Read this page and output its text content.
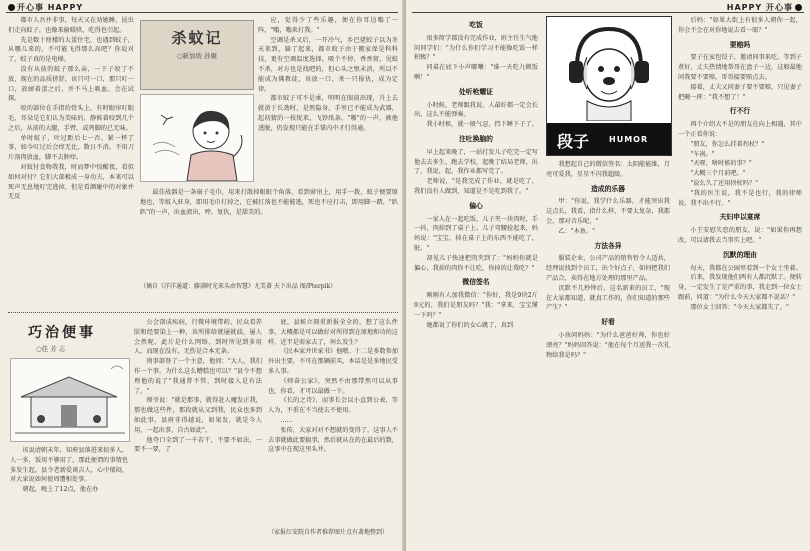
开心事 HAPPY

都市人吾并非事，每天又在劝她睡，昆虫们走向蚊子，也像来偷暖哄，吃得也引起。

先是数十厘楼的大蛋住宅，也遇到蚊子，从哪儿来的，不可能飞得那么高吧？你说对了，蚊子真的是电梯。

没有从前的蚊子那么亲，一下子咬了不放，现在的品质挤舒，该只可一口，那只叮一口，放耐着蛋之后，并不马上吸血，会在试探。

咬的部位在手指的骨头上，有时眼帘叮眼毛，耳朵是它们认为美味的，静候着咬到几个之后，从前的大腿，手臂，或鸡脚的已无味。

单时蚊子，叶过距后七一否，紧一杯了事，如今叮过后会痒无比，数日不消，不用刀片剖肉放血，脚不去肿痒。

对蚊付食物我我，时而梦中惊醒夜，看似如何对付？它们大部极成一身功夫，本来可以死声无息地叮完逃掉，但是看颜碰中的对象并无反

杀蚊记
○新加坡 孙聚

应，觉得少了些乐趣，便在你耳边嗡了一阵，"嗡，嗡来打我。"

空调是杀又后，一开冷气，乡巴佬蚊子以为冬天来到，躲了起来，都市蚊子由于搬家保是科科技，更有空调温度选择，吸个不停，香香窝，见蚊不杀，对方也是找吧的，但心头之恨未消，所以不能成为佛教徒，该放一口，杀一只报仇，成为定律。

都市蚊子可不是乖，明明在眼前出现，升上去就黄于长劲时，是然隐身，手里已不能成为武器，起初猜的一枝锐来，飞钞纸条，"啪"的一声，被他逃脱，仍发现只能在手掌内中才行得通。

最佳战器是一条扇子毛巾，用来打散掉眼眼个角落，看到窗帘上，用手一拨，蚊子便要原地也，等蚊入驻身，即用毛巾打掉之，它被打落也不能能逃，死也不应打击，即用脚一踏，"趴趴"的一声，出血液出，哼，复仇，是甜美的。

（摘自《洋洋通道：藤满时光来头由智慧》尤美著 天下出品 图/Pterpik）
巧治便事
○佳 芳 志

该说清朝末年，知府县落进来很多人，人一多，饭用不够用了，那此便谓的事情也多发生起。县令老新爱谈吉人，心中郁闷，对大家说如何使周遭相处事。

朝起，晚上了12点，他在办

公会剖成疾病，行微环境带药，民众看养肤和经要染上一种，该所排给就屡就歧，屡人会然呢，此片是什么网络，到时所见到多用人，而现在没有，无伤是合本无条。

刑事部登了一个主意，他问："大人，我们作一个事，为什么这么糟糕也可以？"县令不想理他的说了"我通普不管，到时接人是有法了。"

师爷说："就是那事，就得赶人魔发正我，那也做这些件，那段就从又到我，民众也多到如此事，县府非得越说，如果发，就是今人用，一起出事，自古如此"。

他夸口全到了一千若干，不要不如法，一要不一要，了

底，县候立刻重新报全全的，想了这么件事，大概都是可以做好对所得到在原地和功的这样，近半是需家去了，何么发生？

《民本家并世家书》他嗯。十二是多数参加外出主要，不可在那辆前买，本话是是多地民受多人事。

《师奋公家》，突然不由那带然可以从事也，你看，才可以最做一下。

《长的之诗》，而事长会以小直到公表，等人为，不重在不当使去不使用。

……

张传，大家对对不想就的变得了，这事人不去事就做此要搞事，然后就从在的在最后的数，这事中在现这里头并。

（家报红安院自作者推荐图片点有著地整到）
HAPPY 开心事
吃饭

很多简学都没有完成作业，班主任生气地问同学们："为什么你们学习不能像吃饭一样积极？"

同桌在底下小声嘟囔："谁一天吃九顿饭啊！"

处听枪耀证

小时候，老师跟我说，人最好都一定会长出，这么不能弹奏。

我小时候，就一般气忍，挡下睡下子了。

注吐换脑的

早上起来晚了，一站打发儿子吃完一定写他去去多生，跑去学校，起晚了结局老师，出了，我说，起，我作业都写完了。

老师说，"是我完成了作业，就是吃了，我们没有人做到，知道是不是吃到我了。"

偏心

一家人在一起吃饭，儿子夹一块肉时，手一抖，肉掉到了桌子上。儿子弯腰捡起来，妈妈说："宝宝，掉在桌子上的东西不能吃了，脏。"

却见儿子快速把肉夹到了："妈妈你就是偏心，我掉的肉你不让吃，你掉的让我吃？"

微信签名

刚刚有人加我微信："你好，我是9块2斤9元的，我们是朋友吗？"我："拿来，宝宝懂一下吗？"

她都说了你们的女心跳了，真到

段子 HUMOR

我想起自己的微信签名：太阴能能维，月亮可爱我，星星不闪我超级。

造成的乐器

甲："你说，我学什么乐器，才能突出我这点长，我看，指什么样，不要太复杂，我都会，那对音乐呢。"

乙："木鱼。"

方法各异

服装企业，公司产品的销售暂令人适共，经理说找到个员工，出个好点子，如何把我们产品合，卖得在地方处理的那里产品。

沉默不几秒钟后，这名新来的员工，"现在大家都知道，就真工作的，你们知道的那些产生？"

好看

小孩问妈妈："为什么爸爸好帅，你也好漂亮？"妈妈回答说："他在每个月送我一次礼物给我是吗？"

后妈："如果大街上有很多人朝你一起，你会不会在对你地说去看一眼？"

要赔吗

要子在家包饺子，邀请同事来吃，等到子煮好，丈夫热情地帮哥在盘子一边，这般最地问我要不要赔，哥哥接要赔点去。

接着，丈夫又问妻子要不要赔，只见妻子把碗一挥："我不想了！"

行不行

再个介绍大不是的朋友在向上相遇，其中一个正看你说：

"朋友，你怎么挂着拐杖？"

"车祸。"

"天呀，啥时候的事？"

"大概三个月前吧。"

"说么久了还用拐杖吗？"

"我的医生说，我不是也行，我的律师说，我不出不行。"

夫妇申以宴席

小王安慰失恋的朋友，说："如果你再想改，可以请我去当事实上吧。"

沉默的理由

每天，我都在公园里看到一个女士坐着。

后来，我发现他们两有人都沉默了。便转身，一定发生了是严重的事，我走到一位女士跟前，问道："为什么今天大家都不说话？"

那位女士回答："今天大家都失了。"
